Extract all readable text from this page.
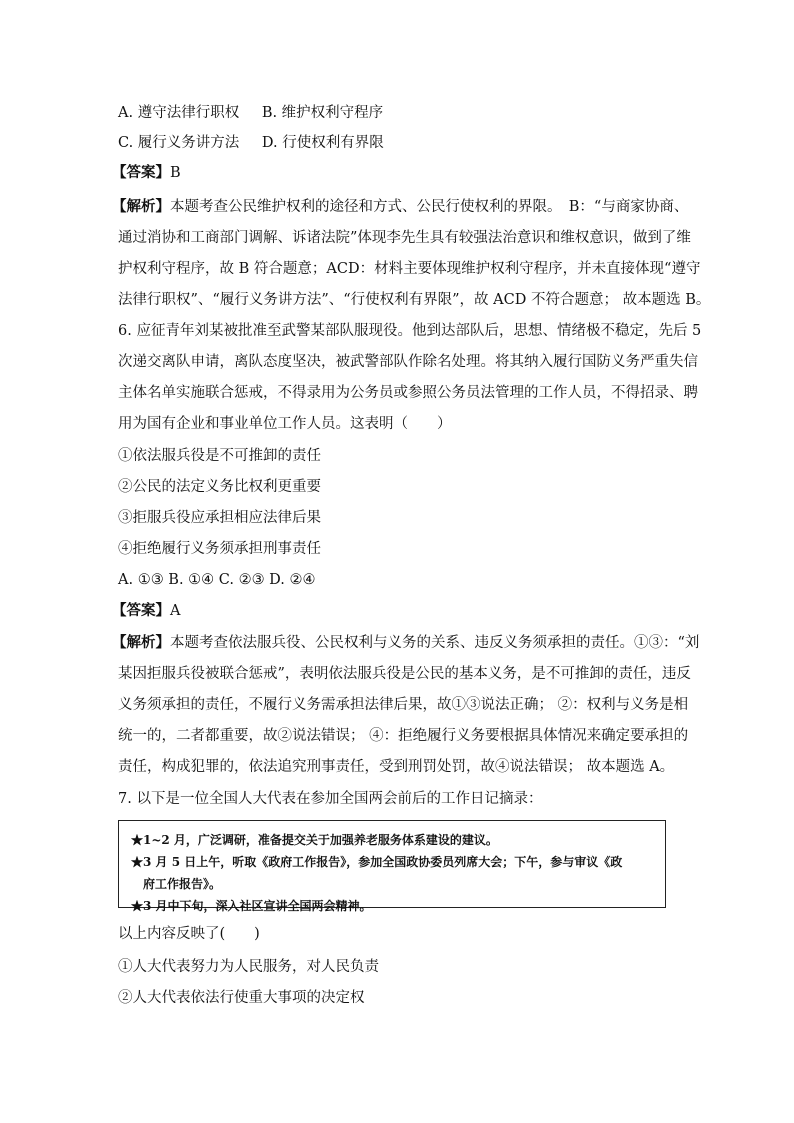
A. 遵守法律行职权 B. 维护权利守程序
C. 履行义务讲方法 D. 行使权利有界限
【答案】B
【解析】本题考查公民维护权利的途径和方式、公民行使权利的界限。　B：“与商家协商、
通过消协和工商部门调解、诉诸法院”体现李先生具有较强法治意识和维权意识，做到了维
护权利守程序，故 B 符合题意；ACD：材料主要体现维护权利守程序，并未直接体现“遵守
法律行职权”、“履行义务讲方法”、“行使权利有界限”，故 ACD 不符合题意； 故本题选 B。
6. 应征青年刘某被批准至武警某部队服现役。他到达部队后，思想、情绪极不稳定，先后 5
次递交离队申请，离队态度坚决，被武警部队作除名处理。将其纳入履行国防义务严重失信
主体名单实施联合惩戒，不得录用为公务员或参照公务员法管理的工作人员，不得招录、聘
用为国有企业和事业单位工作人员。这表明（　　）
①依法服兵役是不可推卸的责任
②公民的法定义务比权利更重要
③拒服兵役应承担相应法律后果
④拒绝履行义务须承担刑事责任
A. ①③ B. ①④ C. ②③ D. ②④
【答案】A
【解析】本题考查依法服兵役、公民权利与义务的关系、违反义务须承担的责任。①③：“刘
某因拒服兵役被联合惩戒”，表明依法服兵役是公民的基本义务，是不可推卸的责任，违反
义务须承担的责任，不履行义务需承担法律后果，故①③说法正确； ②：权利与义务是相
统一的，二者都重要，故②说法错误； ④：拒绝履行义务要根据具体情况来确定要承担的
责任，构成犯罪的，依法追究刑事责任，受到刑罚处罚，故④说法错误； 故本题选 A。
7. 以下是一位全国人大代表在参加全国两会前后的工作日记摘录：
★1~2 月，广泛调研，准备提交关于加强养老服务体系建设的建议。
★3 月 5 日上午，听取《政府工作报告》，参加全国政协委员列席大会；下午，参与审议《政
府工作报告》。
★3 月中下旬，深入社区宣讲全国两会精神。
以上内容反映了(　　)
①人大代表努力为人民服务，对人民负责
②人大代表依法行使重大事项的决定权
